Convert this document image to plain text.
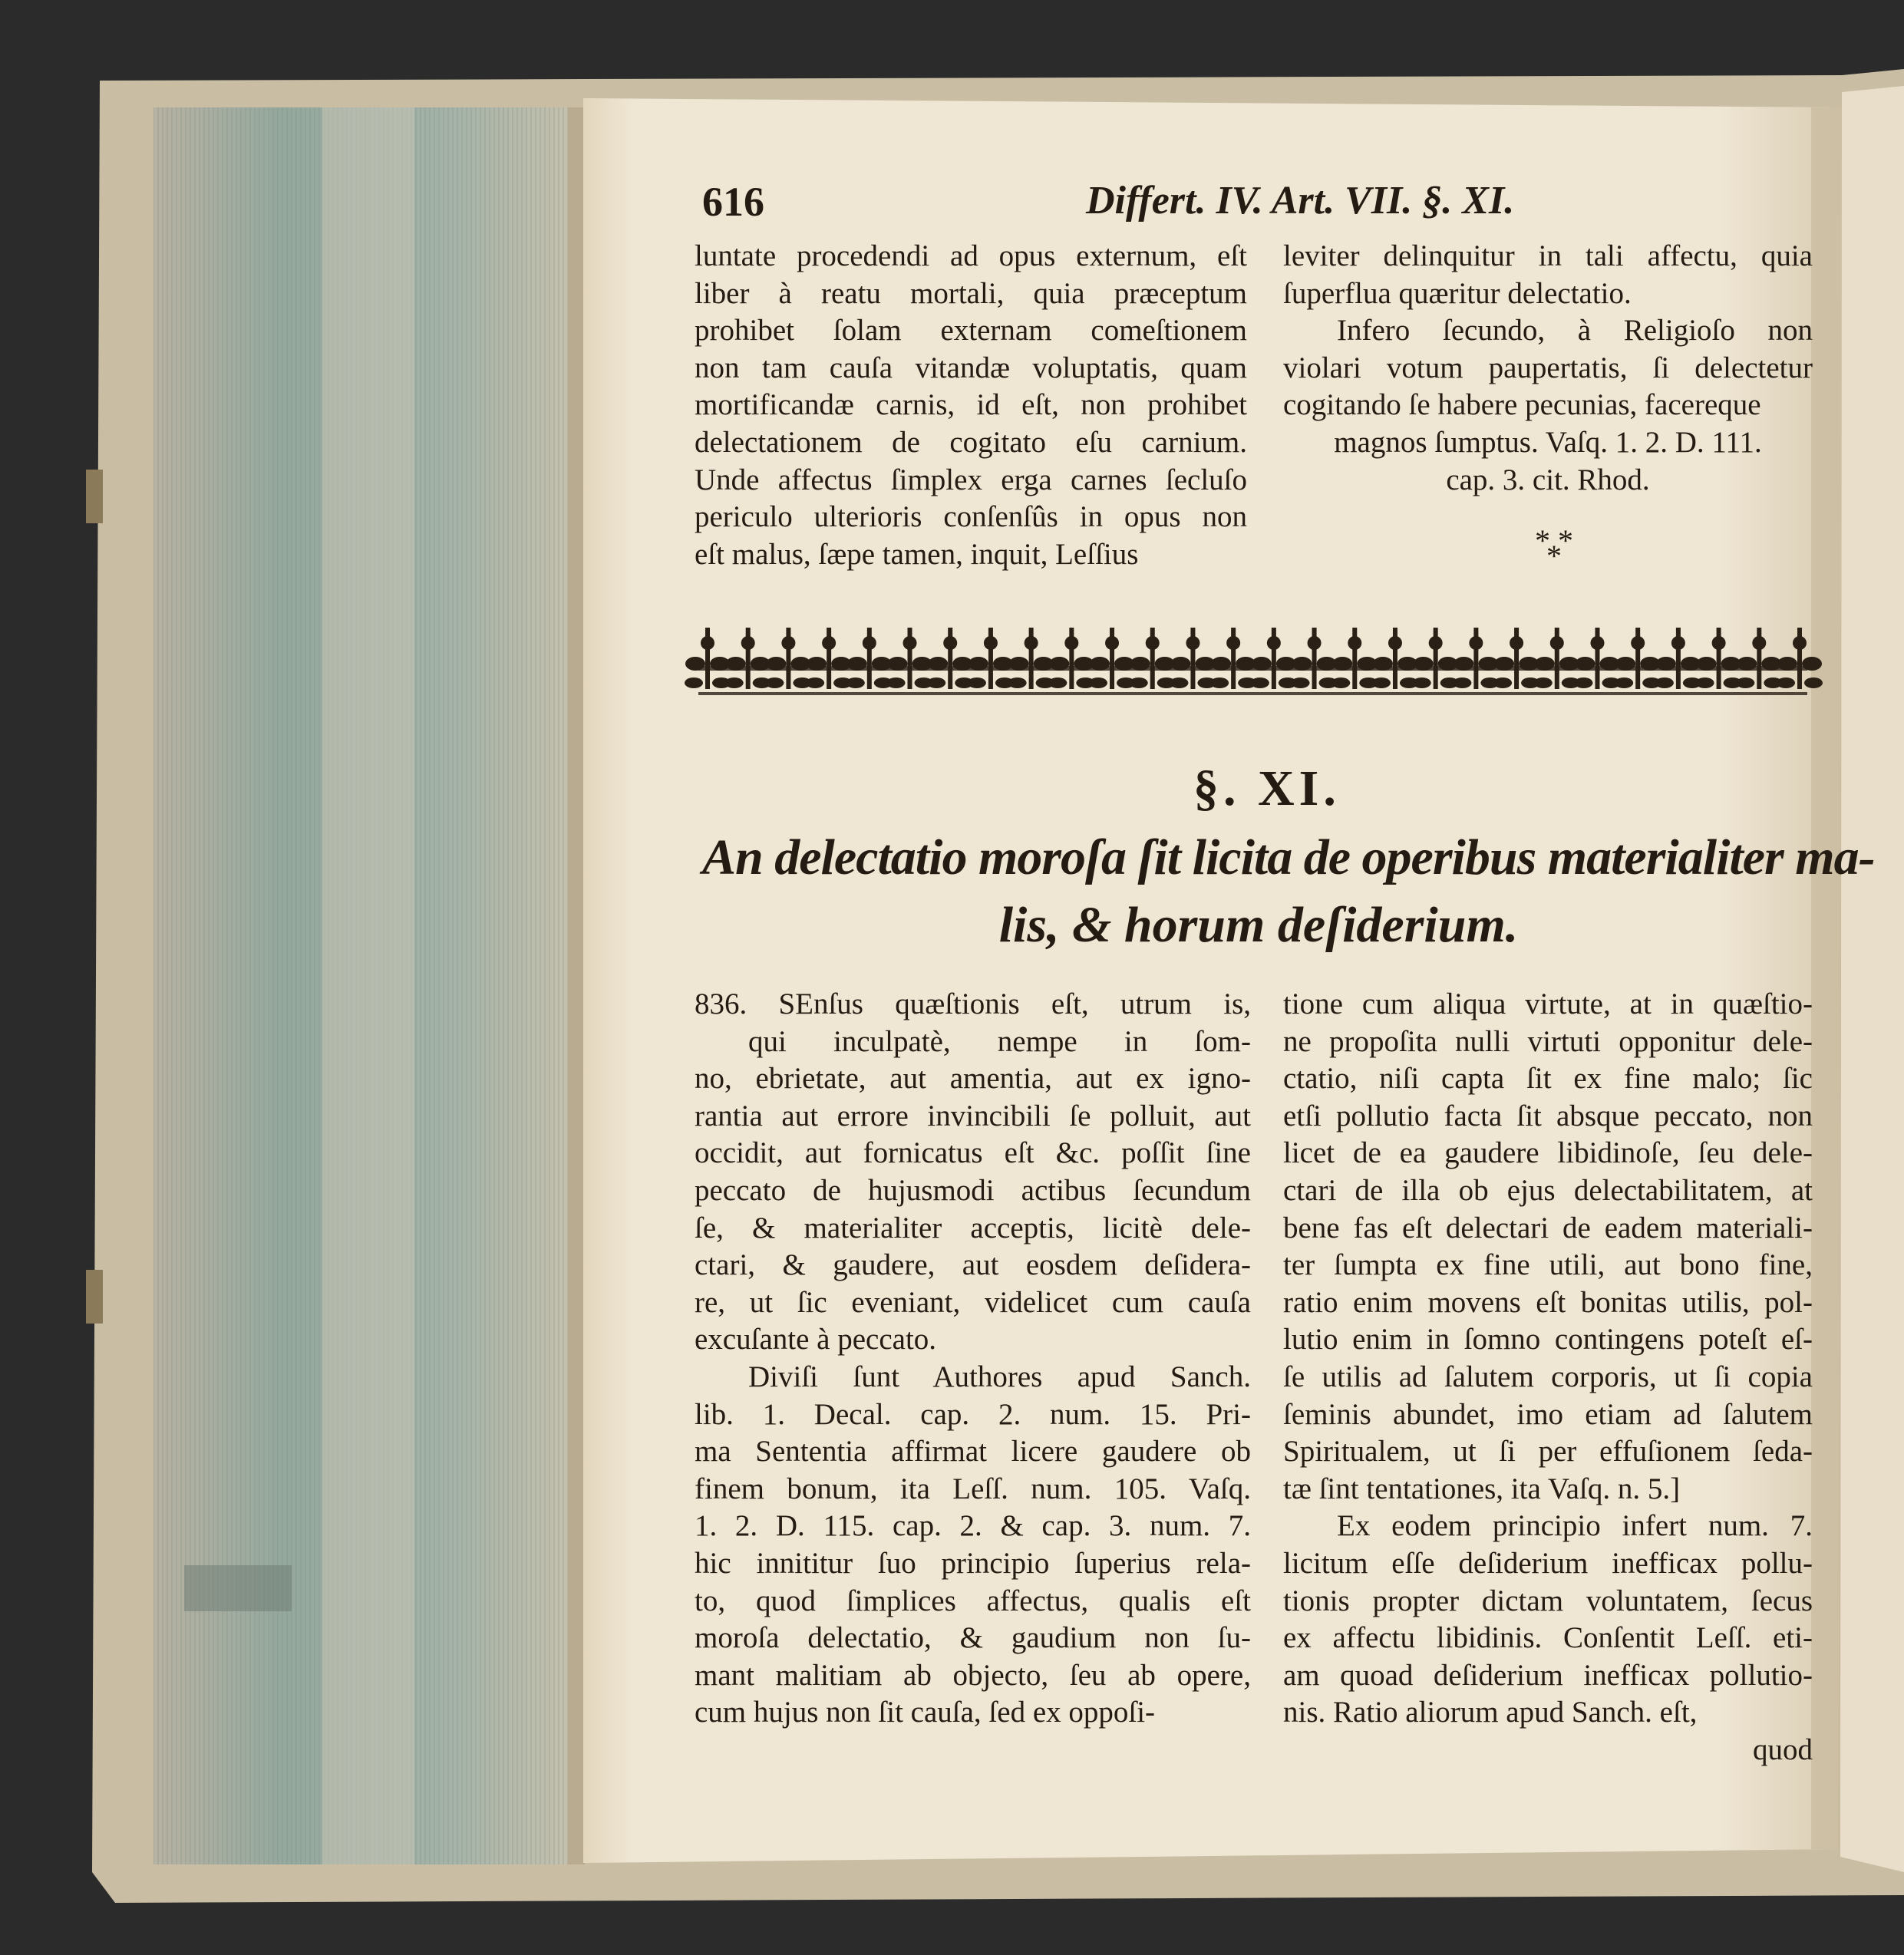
616	Differt. IV. Art. VII. §. XI.
luntate procedendi ad opus externum, eſt
liber à reatu mortali, quia præceptum
prohibet ſolam externam comeſtionem
non tam cauſa vitandæ voluptatis, quam
mortificandæ carnis, id eſt, non prohibet
delectationem de cogitato eſu carnium.
Unde affectus ſimplex erga carnes ſecluſo
periculo ulterioris conſenſûs in opus non
eſt malus, ſæpe tamen, inquit, Leſſius
leviter delinquitur in tali affectu, quia
ſuperflua quæritur delectatio.
Infero ſecundo, à Religioſo non
violari votum paupertatis, ſi delectetur
cogitando ſe habere pecunias, facereque
magnos ſumptus. Vaſq. 1. 2. D. 111.
cap. 3. cit. Rhod.
* *
*
§. XI.
An delectatio moroſa ſit licita de operibus materialiter ma-
lis, & horum deſiderium.
836. SEnſus quæſtionis eſt, utrum is,
qui inculpatè, nempe in ſom-
no, ebrietate, aut amentia, aut ex igno-
rantia aut errore invincibili ſe polluit, aut
occidit, aut fornicatus eſt &c. poſſit ſine
peccato de hujusmodi actibus ſecundum
ſe, & materialiter acceptis, licitè dele-
ctari, & gaudere, aut eosdem deſidera-
re, ut ſic eveniant, videlicet cum cauſa
excuſante à peccato.
Diviſi ſunt Authores apud Sanch.
lib. 1. Decal. cap. 2. num. 15. Pri-
ma Sententia affirmat licere gaudere ob
finem bonum, ita Leſſ. num. 105. Vaſq.
1. 2. D. 115. cap. 2. & cap. 3. num. 7.
hic innititur ſuo principio ſuperius rela-
to, quod ſimplices affectus, qualis eſt
moroſa delectatio, & gaudium non ſu-
mant malitiam ab objecto, ſeu ab opere,
cum hujus non ſit cauſa, ſed ex oppoſi-
tione cum aliqua virtute, at in quæſtio-
ne propoſita nulli virtuti opponitur dele-
ctatio, niſi capta ſit ex fine malo; ſic
etſi pollutio facta ſit absque peccato, non
licet de ea gaudere libidinoſe, ſeu dele-
ctari de illa ob ejus delectabilitatem, at
bene fas eſt delectari de eadem materiali-
ter ſumpta ex fine utili, aut bono fine,
ratio enim movens eſt bonitas utilis, pol-
lutio enim in ſomno contingens poteſt eſ-
ſe utilis ad ſalutem corporis, ut ſi copia
ſeminis abundet, imo etiam ad ſalutem
Spiritualem, ut ſi per effuſionem ſeda-
tæ ſint tentationes, ita Vaſq. n. 5.]
Ex eodem principio infert num. 7.
licitum eſſe deſiderium inefficax pollu-
tionis propter dictam voluntatem, ſecus
ex affectu libidinis. Conſentit Leſſ. eti-
am quoad deſiderium inefficax pollutio-
nis. Ratio aliorum apud Sanch. eſt,
quod
